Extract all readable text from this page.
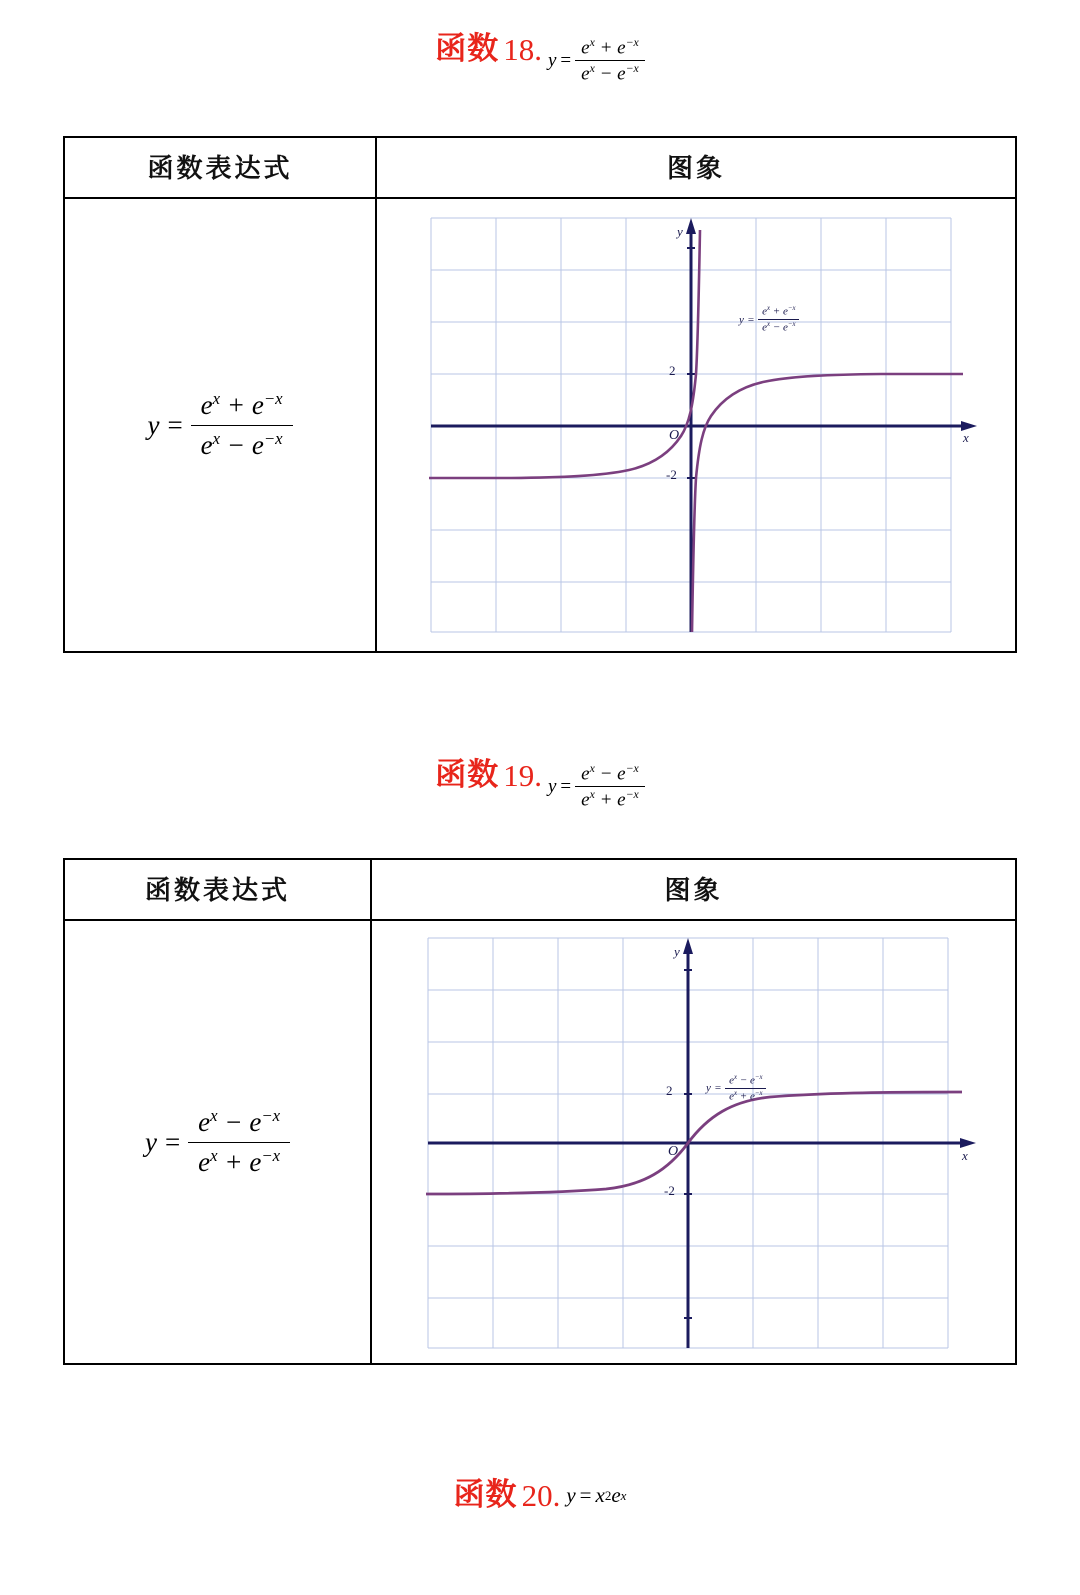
函数 18. $y = \frac{e^x + e^{-x}}{e^x - e^{-x}}$
函数表达式	图象

$y = \frac{e^x + e^{-x}}{e^x - e^{-x}}$

y
x
O
2
-2
$y = \frac{e^x + e^{-x}}{e^x - e^{-x}}$
函数 19. $y = \frac{e^x - e^{-x}}{e^x + e^{-x}}$
函数表达式	图象

$y = \frac{e^x - e^{-x}}{e^x + e^{-x}}$

y
x
O
2
-2
$y = \frac{e^x - e^{-x}}{e^x + e^{-x}}$
函数 20. y = x 2 e x
